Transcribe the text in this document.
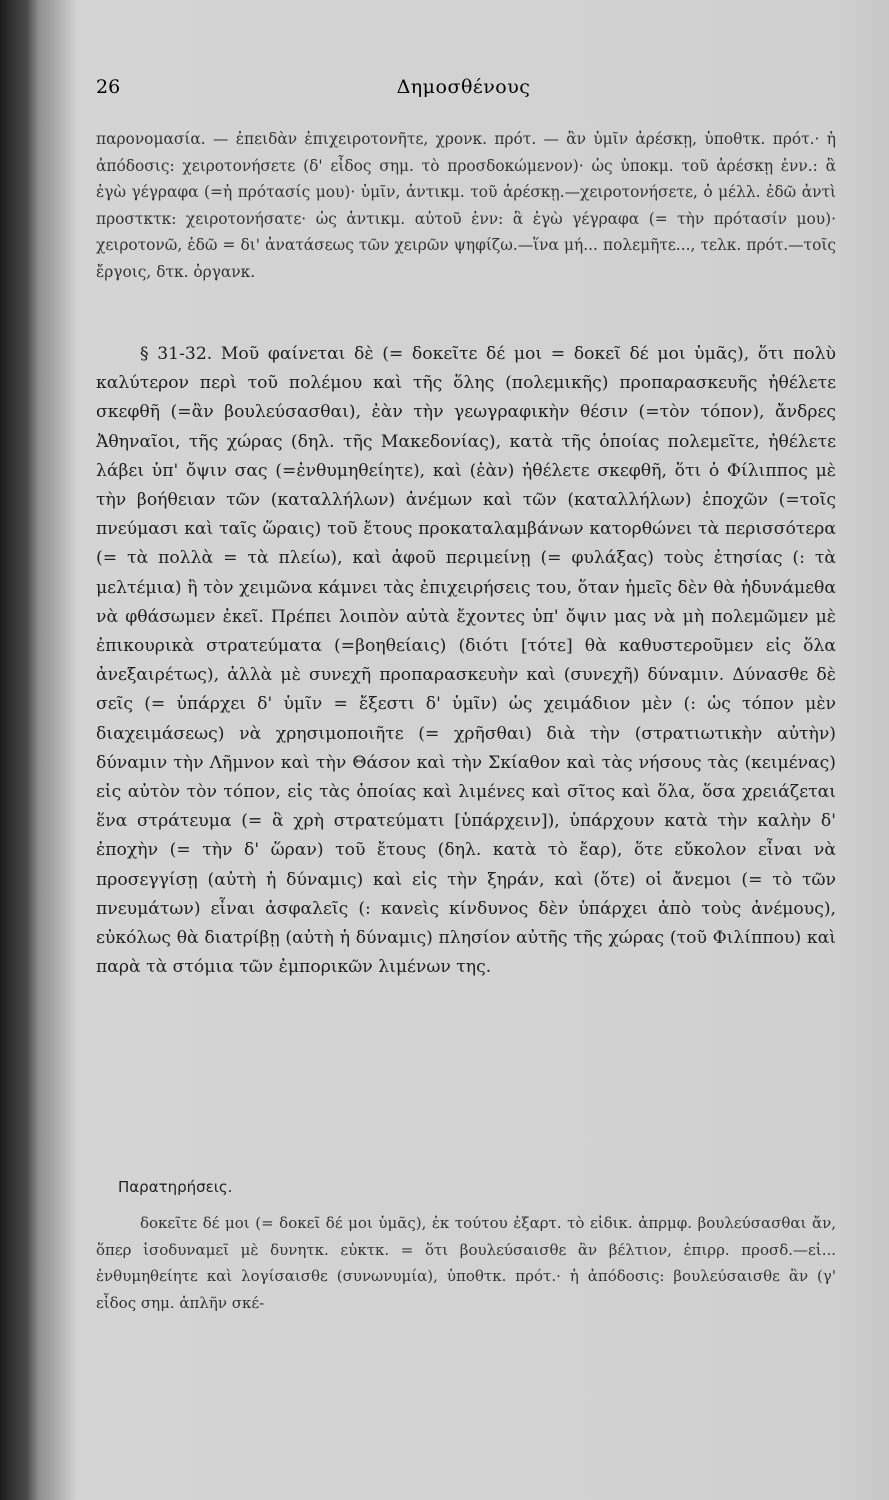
26	Δημοσθένους

παρονομασία. — ἐπειδὰν ἐπιχειροτονῆτε, χρονκ. πρότ. — ἂν ὑμῖν ἀρέσκῃ, ὑποθτκ. πρότ.· ἡ ἀπόδοσις: χειροτονήσετε (δ' εἶδος σημ. τὸ προσδοκώμενον)· ὡς ὑποκμ. τοῦ ἀρέσκῃ ἐνν.: ἃ ἐγὼ γέγραφα (=ἡ πρότασίς μου)· ὑμῖν, ἀντικμ. τοῦ ἀρέσκῃ.—χειροτονήσετε, ὁ μέλλ. ἐδῶ ἀντὶ προστκτκ: χειροτονήσατε· ὡς ἀντικμ. αὐτοῦ ἐνν: ἃ ἐγὼ γέγραφα (= τὴν πρότασίν μου)· χειροτονῶ, ἐδῶ = δι' ἀνατάσεως τῶν χειρῶν ψηφίζω.—ἵνα μή... πολεμῆτε..., τελκ. πρότ.—τοῖς ἔργοις, δτκ. ὀργανκ.

§ 31-32. Μοῦ φαίνεται δὲ (= δοκεῖτε δέ μοι = δοκεῖ δέ μοι ὑμᾶς), ὅτι πολὺ καλύτερον περὶ τοῦ πολέμου καὶ τῆς ὅλης (πολεμικῆς) προπαρασκευῆς ἠθέλετε σκεφθῆ (=ἂν βουλεύσασθαι), ἐὰν τὴν γεωγραφικὴν θέσιν (=τὸν τόπον), ἄνδρες Ἀθηναῖοι, τῆς χώρας (δηλ. τῆς Μακεδονίας), κατὰ τῆς ὁποίας πολεμεῖτε, ἠθέλετε λάβει ὑπ' ὄψιν σας (=ἐνθυμηθείητε), καὶ (ἐὰν) ἠθέλετε σκεφθῆ, ὅτι ὁ Φίλιππος μὲ τὴν βοήθειαν τῶν (καταλλήλων) ἀνέμων καὶ τῶν (καταλλήλων) ἐποχῶν (=τοῖς πνεύμασι καὶ ταῖς ὥραις) τοῦ ἔτους προκαταλαμβάνων κατορθώνει τὰ περισσότερα (= τὰ πολλὰ = τὰ πλείω), καὶ ἀφοῦ περιμείνῃ (= φυλάξας) τοὺς ἐτησίας (: τὰ μελτέμια) ἢ τὸν χειμῶνα κάμνει τὰς ἐπιχειρήσεις του, ὅταν ἡμεῖς δὲν θὰ ἠδυνάμεθα νὰ φθάσωμεν ἐκεῖ. Πρέπει λοιπὸν αὐτὰ ἔχοντες ὑπ' ὄψιν μας νὰ μὴ πολεμῶμεν μὲ ἐπικουρικὰ στρατεύματα (=βοηθείαις) (διότι [τότε] θὰ καθυστεροῦμεν εἰς ὅλα ἀνεξαιρέτως), ἀλλὰ μὲ συνεχῆ προπαρασκευὴν καὶ (συνεχῆ) δύναμιν. Δύνασθε δὲ σεῖς (= ὑπάρχει δ' ὑμῖν = ἔξεστι δ' ὑμῖν) ὡς χειμάδιον μὲν (: ὡς τόπον μὲν διαχειμάσεως) νὰ χρησιμοποιῆτε (= χρῆσθαι) διὰ τὴν (στρατιωτικὴν αὐτὴν) δύναμιν τὴν Λῆμνον καὶ τὴν Θάσον καὶ τὴν Σκίαθον καὶ τὰς νήσους τὰς (κειμένας) εἰς αὐτὸν τὸν τόπον, εἰς τὰς ὁποίας καὶ λιμένες καὶ σῖτος καὶ ὅλα, ὅσα χρειάζεται ἕνα στράτευμα (= ἃ χρὴ στρατεύματι [ὑπάρχειν]), ὑπάρχουν κατὰ τὴν καλὴν δ' ἐποχὴν (= τὴν δ' ὥραν) τοῦ ἔτους (δηλ. κατὰ τὸ ἔαρ), ὅτε εὔκολον εἶναι νὰ προσεγγίσῃ (αὐτὴ ἡ δύναμις) καὶ εἰς τὴν ξηράν, καὶ (ὅτε) οἱ ἄνεμοι (= τὸ τῶν πνευμάτων) εἶναι ἀσφαλεῖς (: κανεὶς κίνδυνος δὲν ὑπάρχει ἀπὸ τοὺς ἀνέμους), εὐκόλως θὰ διατρίβῃ (αὐτὴ ἡ δύναμις) πλησίον αὐτῆς τῆς χώρας (τοῦ Φιλίππου) καὶ παρὰ τὰ στόμια τῶν ἐμπορικῶν λιμένων της.

Παρατηρήσεις.

δοκεῖτε δέ μοι (= δοκεῖ δέ μοι ὑμᾶς), ἐκ τούτου ἐξαρτ. τὸ εἰδικ. ἀπρμφ. βουλεύσασθαι ἄν, ὅπερ ἰσοδυναμεῖ μὲ δυνητκ. εὐκτκ. = ὅτι βουλεύσαισθε ἂν βέλτιον, ἐπιρρ. προσδ.—εἰ... ἐνθυμηθείητε καὶ λογίσαισθε (συνωνυμία), ὑποθτκ. πρότ.· ἡ ἀπόδοσις: βουλεύσαισθε ἂν (γ' εἶδος σημ. ἁπλῆν σκέ-
